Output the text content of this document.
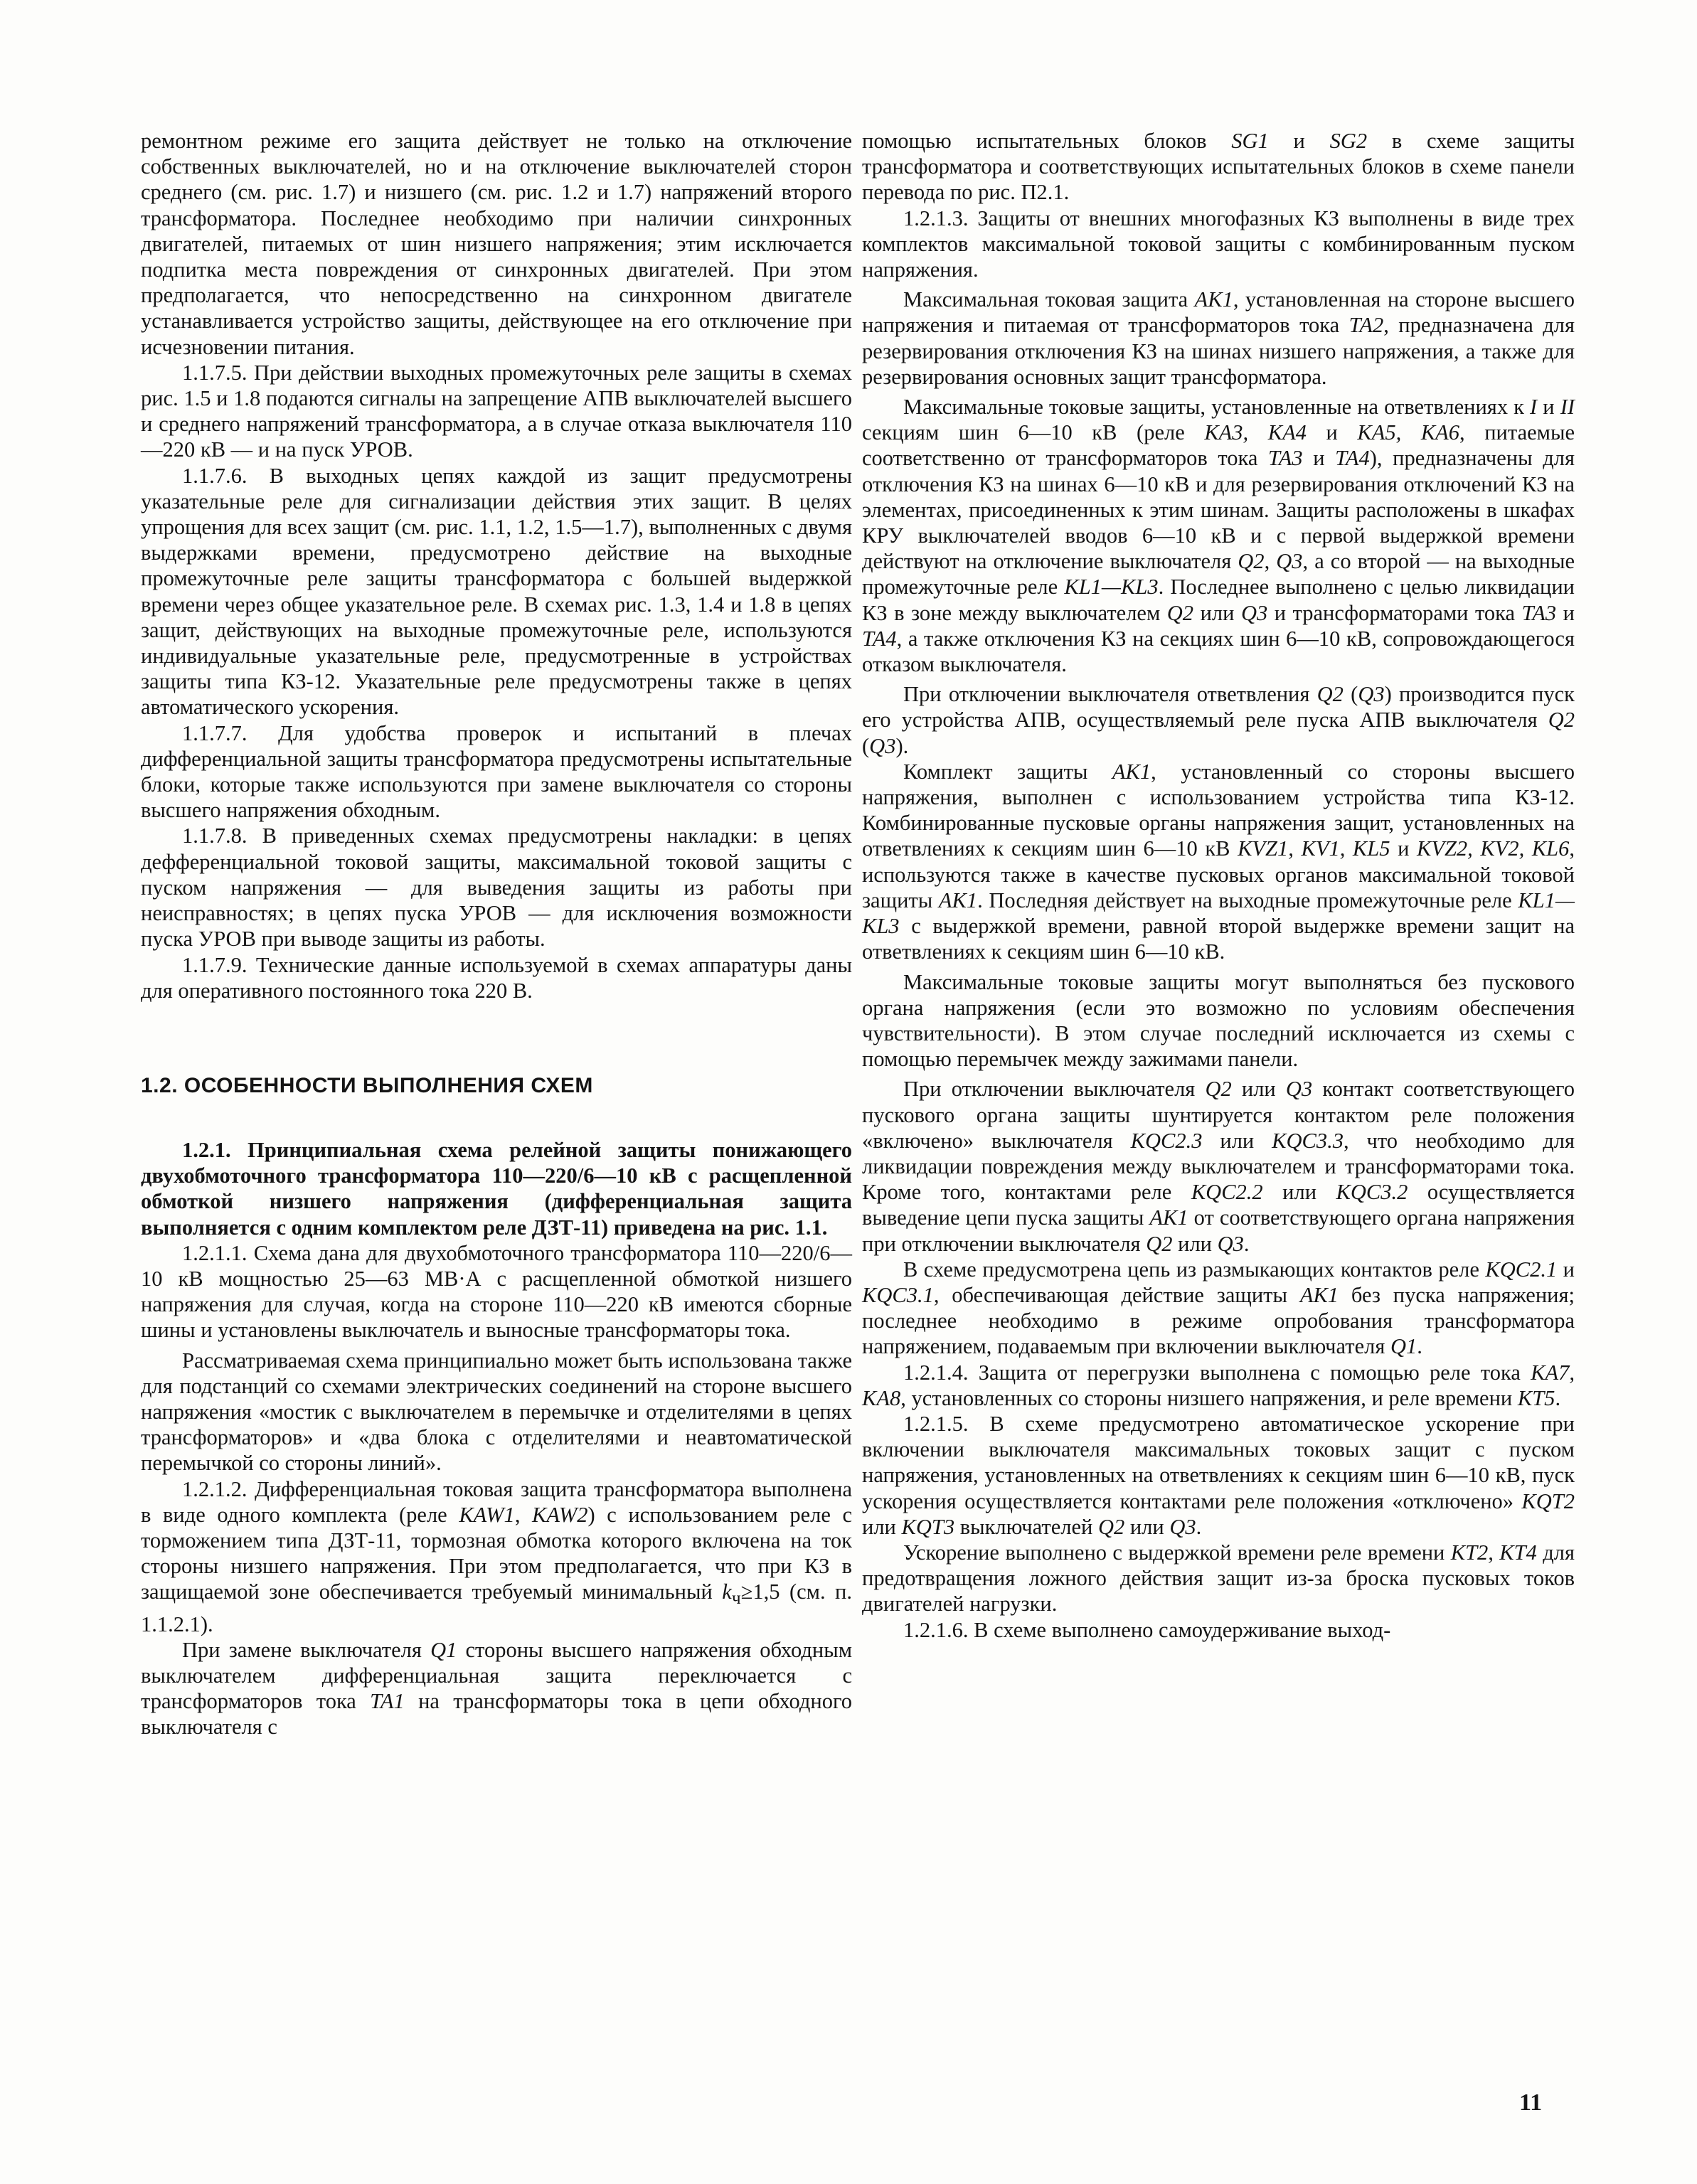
ремонтном режиме его защита действует не только на отключение собственных выключателей, но и на отключение выключателей сторон среднего (см. рис. 1.7) и низшего (см. рис. 1.2 и 1.7) напряжений второго трансформатора. Последнее необходимо при наличии синхронных двигателей, питаемых от шин низшего напряжения; этим исключается подпитка места повреждения от синхронных двигателей. При этом предполагается, что непосредственно на синхронном двигателе устанавливается устройство защиты, действующее на его отключение при исчезновении питания.

1.1.7.5. При действии выходных промежуточных реле защиты в схемах рис. 1.5 и 1.8 подаются сигналы на запрещение АПВ выключателей высшего и среднего напряжений трансформатора, а в случае отказа выключателя 110—220 кВ — и на пуск УРОВ.

1.1.7.6. В выходных цепях каждой из защит предусмотрены указательные реле для сигнализации действия этих защит. В целях упрощения для всех защит (см. рис. 1.1, 1.2, 1.5—1.7), выполненных с двумя выдержками времени, предусмотрено действие на выходные промежуточные реле защиты трансформатора с большей выдержкой времени через общее указательное реле. В схемах рис. 1.3, 1.4 и 1.8 в цепях защит, действующих на выходные промежуточные реле, используются индивидуальные указательные реле, предусмотренные в устройствах защиты типа КЗ-12. Указательные реле предусмотрены также в цепях автоматического ускорения.

1.1.7.7. Для удобства проверок и испытаний в плечах дифференциальной защиты трансформатора предусмотрены испытательные блоки, которые также используются при замене выключателя со стороны высшего напряжения обходным.

1.1.7.8. В приведенных схемах предусмотрены накладки: в цепях дефференциальной токовой защиты, максимальной токовой защиты с пуском напряжения — для выведения защиты из работы при неисправностях; в цепях пуска УРОВ — для исключения возможности пуска УРОВ при выводе защиты из работы.

1.1.7.9. Технические данные используемой в схемах аппаратуры даны для оперативного постоянного тока 220 В.

1.2. ОСОБЕННОСТИ ВЫПОЛНЕНИЯ СХЕМ

1.2.1. Принципиальная схема релейной защиты понижающего двухобмоточного трансформатора 110—220/6—10 кВ с расщепленной обмоткой низшего напряжения (дифференциальная защита выполняется с одним комплектом реле ДЗТ-11) приведена на рис. 1.1.

1.2.1.1. Схема дана для двухобмоточного трансформатора 110—220/6—10 кВ мощностью 25—63 МВ·А с расщепленной обмоткой низшего напряжения для случая, когда на стороне 110—220 кВ имеются сборные шины и установлены выключатель и выносные трансформаторы тока.

Рассматриваемая схема принципиально может быть использована также для подстанций со схемами электрических соединений на стороне высшего напряжения «мостик с выключателем в перемычке и отделителями в цепях трансформаторов» и «два блока с отделителями и неавтоматической перемычкой со стороны линий».

1.2.1.2. Дифференциальная токовая защита трансформатора выполнена в виде одного комплекта (реле KAW1, KAW2) с использованием реле с торможением типа ДЗТ-11, тормозная обмотка которого включена на ток стороны низшего напряжения. При этом предполагается, что при КЗ в защищаемой зоне обеспечивается требуемый минимальный $k_ч\ge 1,5$ (см. п. 1.1.2.1).

При замене выключателя Q1 стороны высшего напряжения обходным выключателем дифференциальная защита переключается с трансформаторов тока TA1 на трансформаторы тока в цепи обходного выключателя с

помощью испытательных блоков SG1 и SG2 в схеме защиты трансформатора и соответствующих испытательных блоков в схеме панели перевода по рис. П2.1.

1.2.1.3. Защиты от внешних многофазных КЗ выполнены в виде трех комплектов максимальной токовой защиты с комбинированным пуском напряжения.

Максимальная токовая защита AK1, установленная на стороне высшего напряжения и питаемая от трансформаторов тока TA2, предназначена для резервирования отключения КЗ на шинах низшего напряжения, а также для резервирования основных защит трансформатора.

Максимальные токовые защиты, установленные на ответвлениях к I и II секциям шин 6—10 кВ (реле KA3, KA4 и KA5, KA6, питаемые соответственно от трансформаторов тока TA3 и TA4), предназначены для отключения КЗ на шинах 6—10 кВ и для резервирования отключений КЗ на элементах, присоединенных к этим шинам. Защиты расположены в шкафах КРУ выключателей вводов 6—10 кВ и с первой выдержкой времени действуют на отключение выключателя Q2, Q3, а со второй — на выходные промежуточные реле KL1—KL3. Последнее выполнено с целью ликвидации КЗ в зоне между выключателем Q2 или Q3 и трансформаторами тока TA3 и TA4, а также отключения КЗ на секциях шин 6—10 кВ, сопровождающегося отказом выключателя.

При отключении выключателя ответвления Q2 (Q3) производится пуск его устройства АПВ, осуществляемый реле пуска АПВ выключателя Q2 (Q3).

Комплект защиты AK1, установленный со стороны высшего напряжения, выполнен с использованием устройства типа КЗ-12. Комбинированные пусковые органы напряжения защит, установленных на ответвлениях к секциям шин 6—10 кВ KVZ1, KV1, KL5 и KVZ2, KV2, KL6, используются также в качестве пусковых органов максимальной токовой защиты AK1. Последняя действует на выходные промежуточные реле KL1—KL3 с выдержкой времени, равной второй выдержке времени защит на ответвлениях к секциям шин 6—10 кВ.

Максимальные токовые защиты могут выполняться без пускового органа напряжения (если это возможно по условиям обеспечения чувствительности). В этом случае последний исключается из схемы с помощью перемычек между зажимами панели.

При отключении выключателя Q2 или Q3 контакт соответствующего пускового органа защиты шунтируется контактом реле положения «включено» выключателя KQC2.3 или KQC3.3, что необходимо для ликвидации повреждения между выключателем и трансформаторами тока. Кроме того, контактами реле KQC2.2 или KQC3.2 осуществляется выведение цепи пуска защиты AK1 от соответствующего органа напряжения при отключении выключателя Q2 или Q3.

В схеме предусмотрена цепь из размыкающих контактов реле KQC2.1 и KQC3.1, обеспечивающая действие защиты AK1 без пуска напряжения; последнее необходимо в режиме опробования трансформатора напряжением, подаваемым при включении выключателя Q1.

1.2.1.4. Защита от перегрузки выполнена с помощью реле тока KA7, KA8, установленных со стороны низшего напряжения, и реле времени KT5.

1.2.1.5. В схеме предусмотрено автоматическое ускорение при включении выключателя максимальных токовых защит с пуском напряжения, установленных на ответвлениях к секциям шин 6—10 кВ, пуск ускорения осуществляется контактами реле положения «отключено» KQT2 или KQT3 выключателей Q2 или Q3.

Ускорение выполнено с выдержкой времени реле времени KT2, KT4 для предотвращения ложного действия защит из-за броска пусковых токов двигателей нагрузки.

1.2.1.6. В схеме выполнено самоудерживание выход-

11
